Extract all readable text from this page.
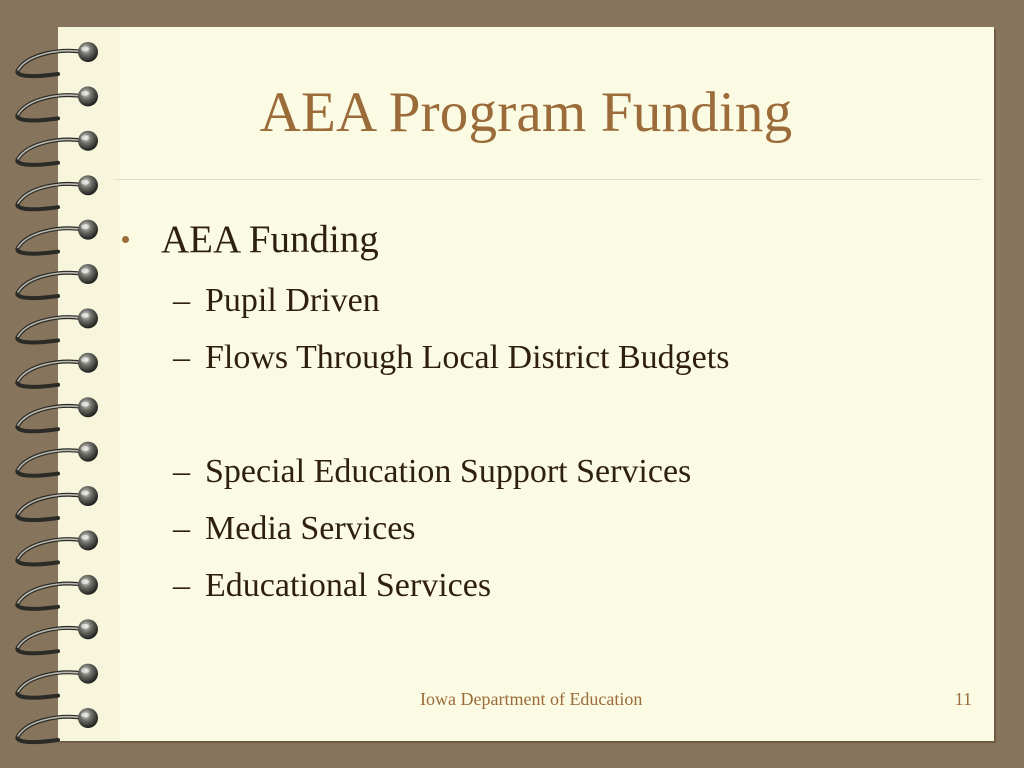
AEA Program Funding
AEA Funding
– Pupil Driven
– Flows Through Local District Budgets
– Special Education Support Services
– Media Services
– Educational Services
Iowa Department of Education	11
